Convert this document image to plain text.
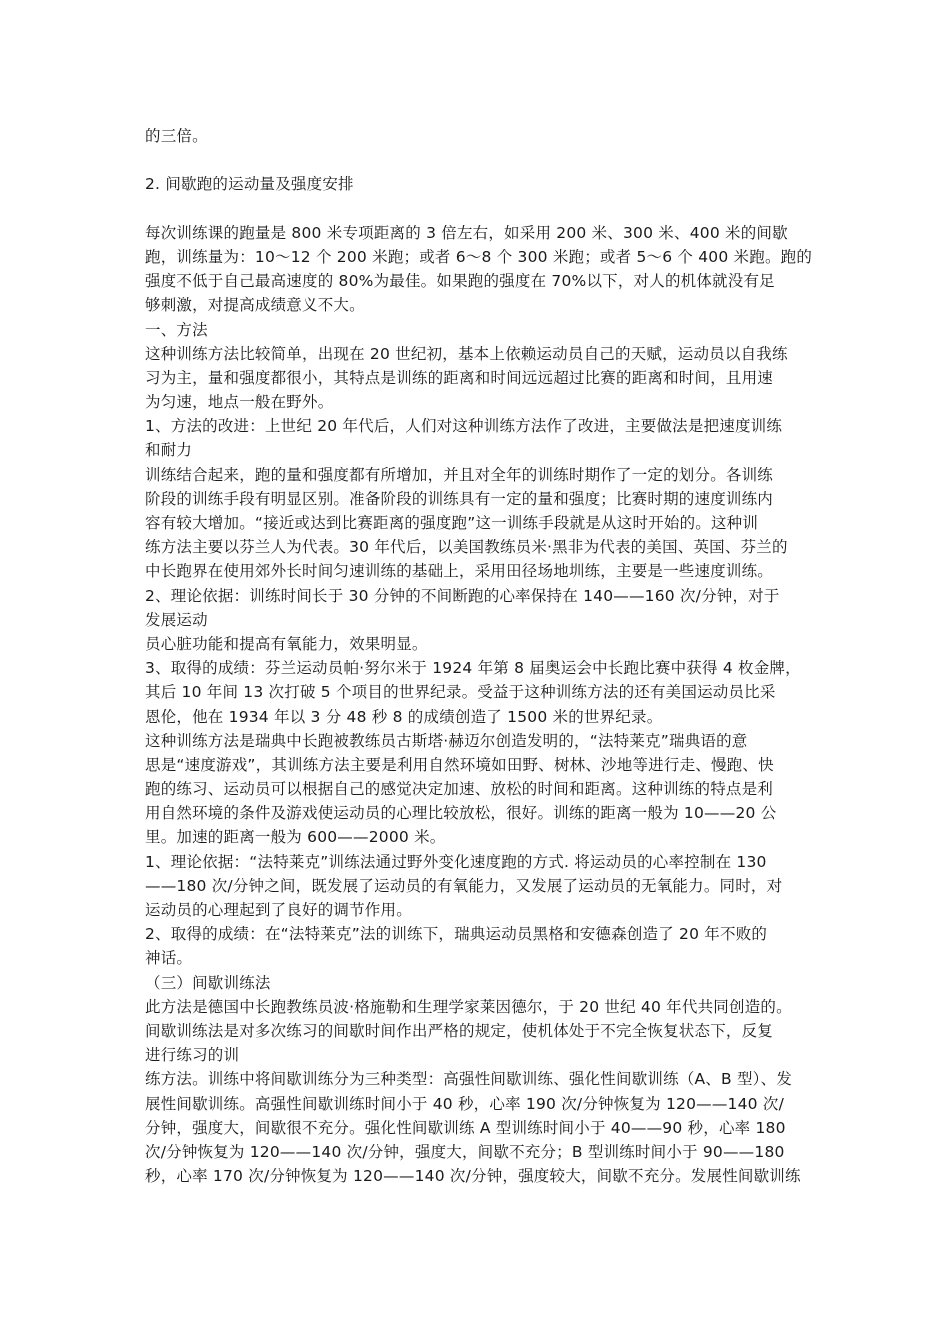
的三倍。
2. 间歇跑的运动量及强度安排
每次训练课的跑量是 800 米专项距离的 3 倍左右，如采用 200 米、300 米、400 米的间歇
跑，训练量为：10～12 个 200 米跑；或者 6～8 个 300 米跑；或者 5～6 个 400 米跑。跑的
强度不低于自己最高速度的 80%为最佳。如果跑的强度在 70%以下，对人的机体就没有足
够刺激，对提高成绩意义不大。
一、方法
这种训练方法比较简单，出现在 20 世纪初，基本上依赖运动员自己的天赋，运动员以自我练
习为主，量和强度都很小，其特点是训练的距离和时间远远超过比赛的距离和时间，且用速
为匀速，地点一般在野外。
1、方法的改进：上世纪 20 年代后，人们对这种训练方法作了改进，主要做法是把速度训练
和耐力
训练结合起来，跑的量和强度都有所增加，并且对全年的训练时期作了一定的划分。各训练
阶段的训练手段有明显区别。准备阶段的训练具有一定的量和强度；比赛时期的速度训练内
容有较大增加。“接近或达到比赛距离的强度跑”这一训练手段就是从这时开始的。这种训
练方法主要以芬兰人为代表。30 年代后，以美国教练员米·黑非为代表的美国、英国、芬兰的
中长跑界在使用郊外长时间匀速训练的基础上，采用田径场地圳练，主要是一些速度训练。
2、理论依据：训练时间长于 30 分钟的不间断跑的心率保持在 140——160 次/分钟，对于
发展运动
员心脏功能和提高有氧能力，效果明显。
3、取得的成绩：芬兰运动员帕·努尔米于 1924 年第 8 届奥运会中长跑比赛中获得 4 枚金牌，
其后 10 年间 13 次打破 5 个项目的世界纪录。受益于这种训练方法的还有美国运动员比采
恩伦，他在 1934 年以 3 分 48 秒 8 的成绩创造了 1500 米的世界纪录。
这种训练方法是瑞典中长跑被教练员古斯塔·赫迈尔创造发明的，“法特莱克”瑞典语的意
思是“速度游戏”，其训练方法主要是利用自然环境如田野、树林、沙地等进行走、慢跑、快
跑的练习、运动员可以根据自己的感觉决定加速、放松的时间和距离。这种训练的特点是利
用自然环境的条件及游戏使运动员的心理比较放松，很好。训练的距离一般为 10——20 公
里。加速的距离一般为 600——2000 米。
1、理论依据：“法特莱克”训练法通过野外变化速度跑的方式. 将运动员的心率控制在 130
——180 次/分钟之间，既发展了运动员的有氧能力，又发展了运动员的无氧能力。同时，对
运动员的心理起到了良好的调节作用。
2、取得的成绩：在“法特莱克”法的训练下，瑞典运动员黑格和安德森创造了 20 年不败的
神话。
（三）间歇训练法
此方法是德国中长跑教练员波·格施勒和生理学家莱因德尔，于 20 世纪 40 年代共同创造的。
间歇训练法是对多次练习的间歇时间作出严格的规定，使机体处于不完全恢复状态下，反复
进行练习的训
练方法。训练中将间歇训练分为三种类型：高强性间歇训练、强化性间歇训练（A、B 型）、发
展性间歇训练。高强性间歇训练时间小于 40 秒，心率 190 次/分钟恢复为 120——140 次/
分钟，强度大，间歇很不充分。强化性间歇训练 A 型训练时间小于 40——90 秒，心率 180
次/分钟恢复为 120——140 次/分钟，强度大，间歇不充分；B 型训练时间小于 90——180
秒，心率 170 次/分钟恢复为 120——140 次/分钟，强度较大，间歇不充分。发展性间歇训练
